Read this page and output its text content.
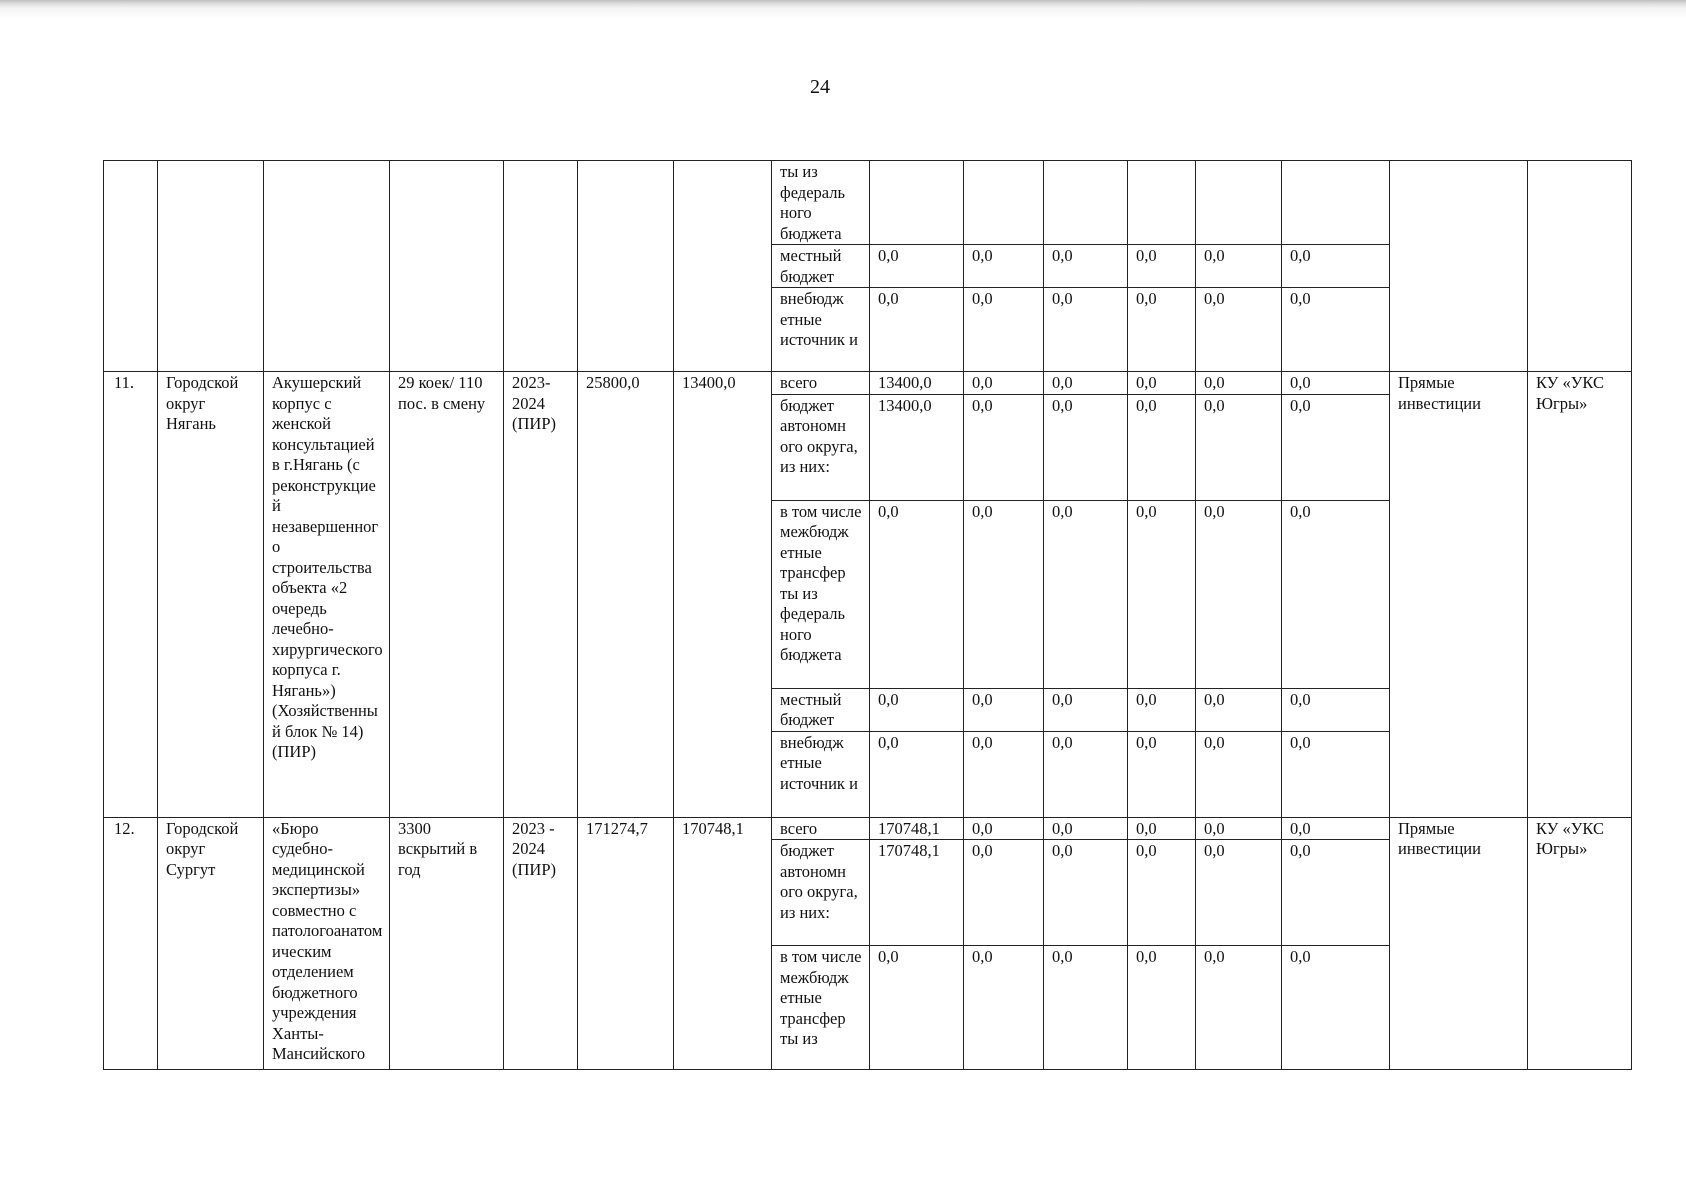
24
							ты из федераль ного бюджета								
							местный бюджет	0,0	0,0	0,0	0,0	0,0	0,0		
							внебюдж етные источник и	0,0	0,0	0,0	0,0	0,0	0,0		
11.	Городской округ Нягань	Акушерский корпус с женской консультацией в г.Нягань (с реконструкцией незавершенного строительства объекта «2 очередь лечебно-хирургического корпуса г. Нягань») (Хозяйственный блок № 14) (ПИР)	29 коек/ 110 пос. в смену	2023- 2024 (ПИР)	25800,0	13400,0	всего	13400,0	0,0	0,0	0,0	0,0	0,0	Прямые инвестиции	КУ «УКС Югры»
							бюджет автономн ого округа, из них:	13400,0	0,0	0,0	0,0	0,0	0,0		
							в том числе межбюдж етные трансфер ты из федераль ного бюджета	0,0	0,0	0,0	0,0	0,0	0,0		
							местный бюджет	0,0	0,0	0,0	0,0	0,0	0,0		
							внебюдж етные источник и	0,0	0,0	0,0	0,0	0,0	0,0		
12.	Городской округ Сургут	«Бюро судебно-медицинской экспертизы» совместно с патологоанатомическим отделением бюджетного учреждения Ханты-Мансийского	3300 вскрытий в год	2023 - 2024 (ПИР)	171274,7	170748,1	всего	170748,1	0,0	0,0	0,0	0,0	0,0	Прямые инвестиции	КУ «УКС Югры»
							бюджет автономн ого округа, из них:	170748,1	0,0	0,0	0,0	0,0	0,0		
							в том числе межбюдж етные трансфер ты из	0,0	0,0	0,0	0,0	0,0	0,0		
